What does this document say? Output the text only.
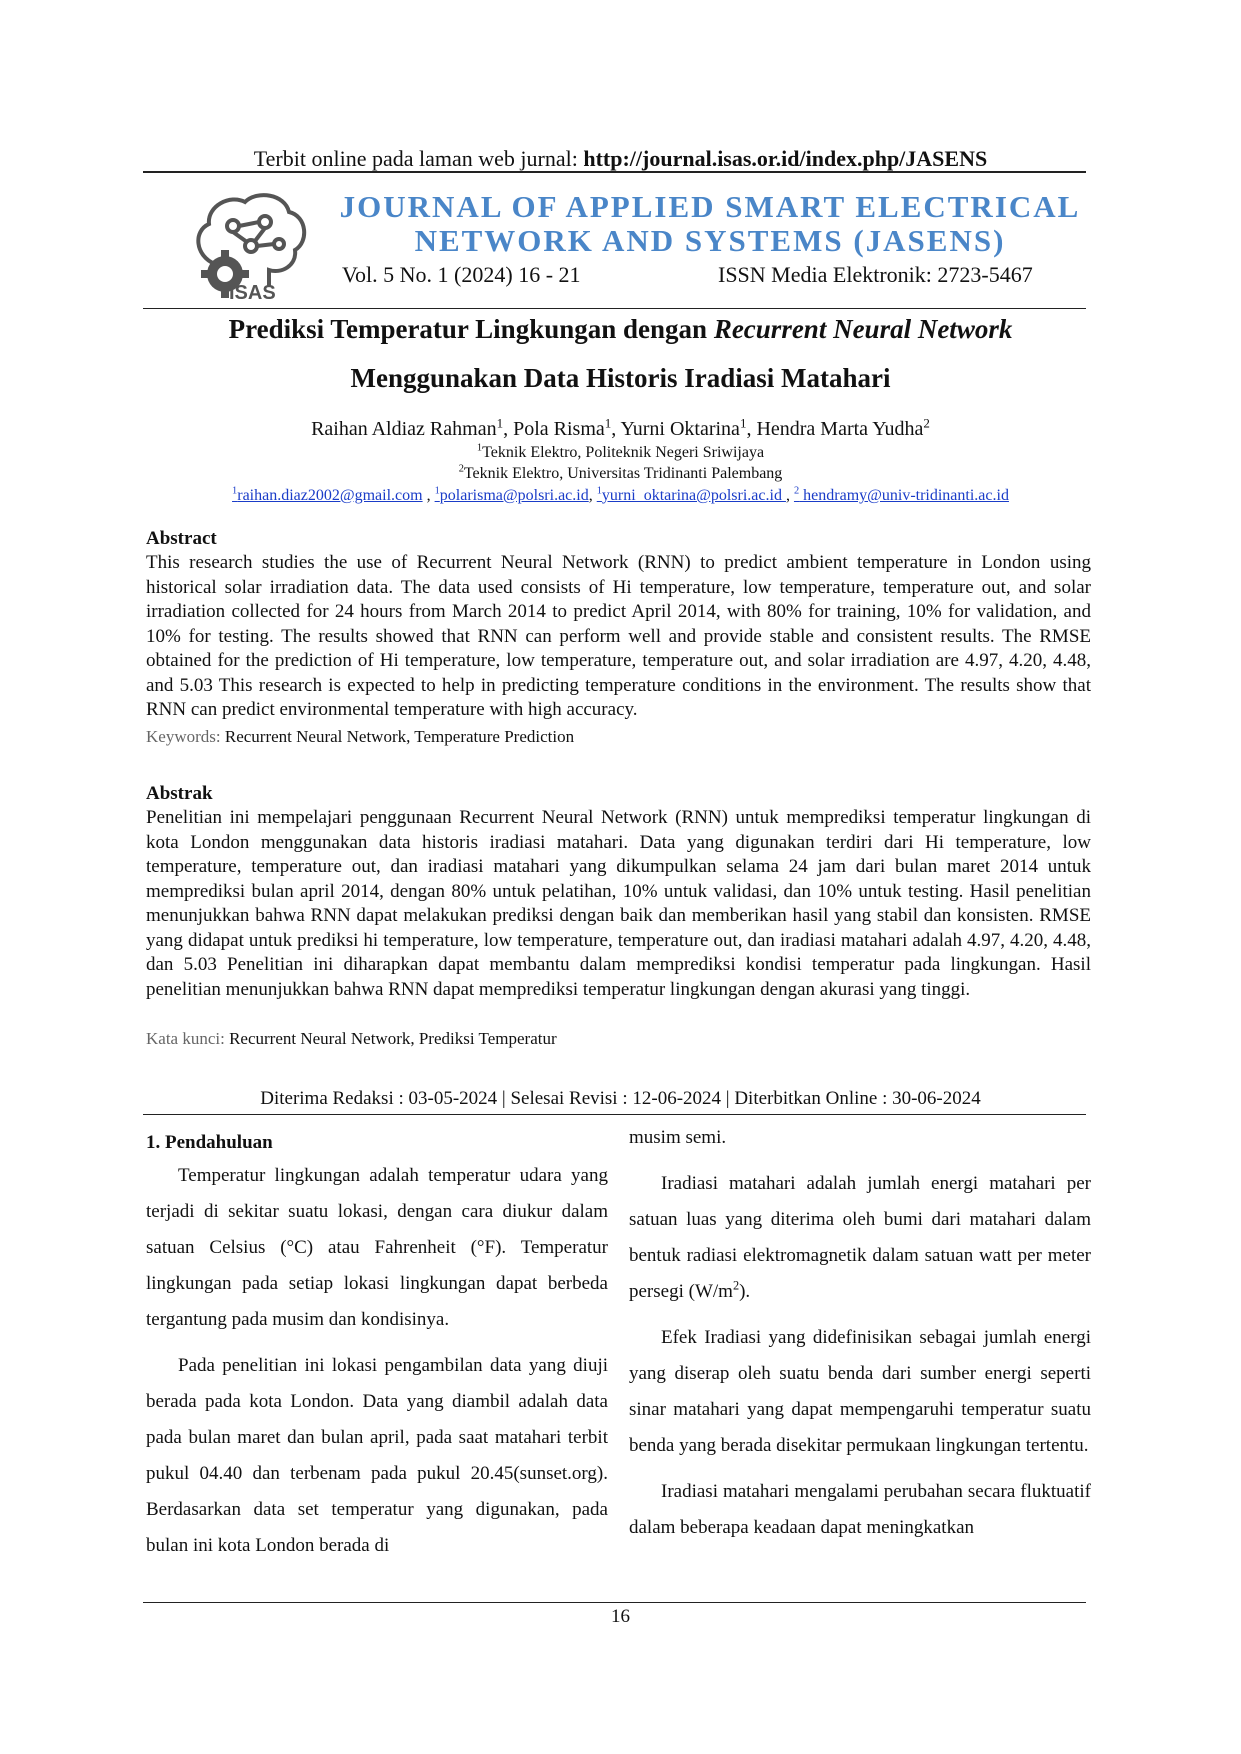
Terbit online pada laman web jurnal: http://journal.isas.or.id/index.php/JASENS
ISAS
JOURNAL OF APPLIED SMART ELECTRICAL
NETWORK AND SYSTEMS (JASENS)
Vol. 5 No. 1 (2024) 16 - 21	ISSN Media Elektronik: 2723-5467
Prediksi Temperatur Lingkungan dengan Recurrent Neural Network
Menggunakan Data Historis Iradiasi Matahari
Raihan Aldiaz Rahman$^1$, Pola Risma$^1$, Yurni Oktarina$^1$, Hendra Marta Yudha$^2$
$^1$Teknik Elektro, Politeknik Negeri Sriwijaya
$^2$Teknik Elektro, Universitas Tridinanti Palembang
$^1$raihan.diaz2002@gmail.com , $^1$polarisma@polsri.ac.id, $^1$yurni_oktarina@polsri.ac.id , $^2$ hendramy@univ-tridinanti.ac.id
Abstract
This research studies the use of Recurrent Neural Network (RNN) to predict ambient temperature in London using historical solar irradiation data. The data used consists of Hi temperature, low temperature, temperature out, and solar irradiation collected for 24 hours from March 2014 to predict April 2014, with 80% for training, 10% for validation, and 10% for testing. The results showed that RNN can perform well and provide stable and consistent results. The RMSE obtained for the prediction of Hi temperature, low temperature, temperature out, and solar irradiation are 4.97, 4.20, 4.48, and 5.03 This research is expected to help in predicting temperature conditions in the environment. The results show that RNN can predict environmental temperature with high accuracy.
Keywords: Recurrent Neural Network, Temperature Prediction
Abstrak
Penelitian ini mempelajari penggunaan Recurrent Neural Network (RNN) untuk memprediksi temperatur lingkungan di kota London menggunakan data historis iradiasi matahari. Data yang digunakan terdiri dari Hi temperature, low temperature, temperature out, dan iradiasi matahari yang dikumpulkan selama 24 jam dari bulan maret 2014 untuk memprediksi bulan april 2014, dengan 80% untuk pelatihan, 10% untuk validasi, dan 10% untuk testing. Hasil penelitian menunjukkan bahwa RNN dapat melakukan prediksi dengan baik dan memberikan hasil yang stabil dan konsisten. RMSE yang didapat untuk prediksi hi temperature, low temperature, temperature out, dan iradiasi matahari adalah 4.97, 4.20, 4.48, dan 5.03 Penelitian ini diharapkan dapat membantu dalam memprediksi kondisi temperatur pada lingkungan. Hasil penelitian menunjukkan bahwa RNN dapat memprediksi temperatur lingkungan dengan akurasi yang tinggi.
Kata kunci: Recurrent Neural Network, Prediksi Temperatur
Diterima Redaksi : 03-05-2024 | Selesai Revisi : 12-06-2024 | Diterbitkan Online : 30-06-2024
1. Pendahuluan

Temperatur lingkungan adalah temperatur udara yang terjadi di sekitar suatu lokasi, dengan cara diukur dalam satuan Celsius (°C) atau Fahrenheit (°F). Temperatur lingkungan pada setiap lokasi lingkungan dapat berbeda tergantung pada musim dan kondisinya.

Pada penelitian ini lokasi pengambilan data yang diuji berada pada kota London. Data yang diambil adalah data pada bulan maret dan bulan april, pada saat matahari terbit pukul 04.40 dan terbenam pada pukul 20.45(sunset.org). Berdasarkan data set temperatur yang digunakan, pada bulan ini kota London berada di

musim semi.

Iradiasi matahari adalah jumlah energi matahari per satuan luas yang diterima oleh bumi dari matahari dalam bentuk radiasi elektromagnetik dalam satuan watt per meter persegi $(W/m^2)$.

Efek Iradiasi yang didefinisikan sebagai jumlah energi yang diserap oleh suatu benda dari sumber energi seperti sinar matahari yang dapat mempengaruhi temperatur suatu benda yang berada disekitar permukaan lingkungan tertentu.

Iradiasi matahari mengalami perubahan secara fluktuatif dalam beberapa keadaan dapat meningkatkan

16
